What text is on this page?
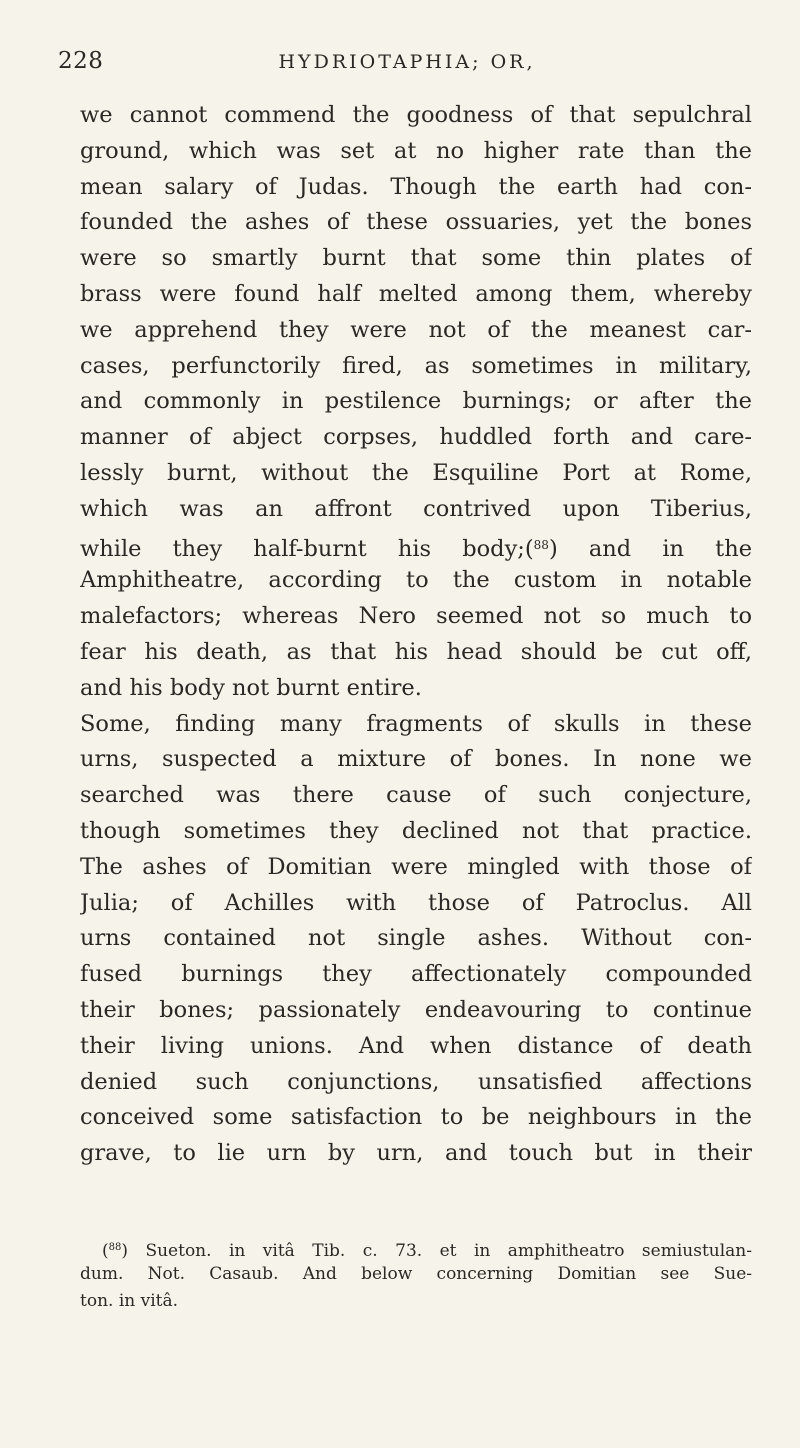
228	HYDRIOTAPHIA; OR,
we cannot commend the goodness of that sepulchral
ground, which was set at no higher rate than the
mean salary of Judas. Though the earth had con-
founded the ashes of these ossuaries, yet the bones
were so smartly burnt that some thin plates of
brass were found half melted among them, whereby
we apprehend they were not of the meanest car-
cases, perfunctorily fired, as sometimes in military,
and commonly in pestilence burnings; or after the
manner of abject corpses, huddled forth and care-
lessly burnt, without the Esquiline Port at Rome,
which was an affront contrived upon Tiberius,
while they half-burnt his body;($^{88}$) and in the
Amphitheatre, according to the custom in notable
malefactors; whereas Nero seemed not so much to
fear his death, as that his head should be cut off,
and his body not burnt entire.
Some, finding many fragments of skulls in these
urns, suspected a mixture of bones. In none we
searched was there cause of such conjecture,
though sometimes they declined not that practice.
The ashes of Domitian were mingled with those of
Julia; of Achilles with those of Patroclus. All
urns contained not single ashes. Without con-
fused burnings they affectionately compounded
their bones; passionately endeavouring to continue
their living unions. And when distance of death
denied such conjunctions, unsatisfied affections
conceived some satisfaction to be neighbours in the
grave, to lie urn by urn, and touch but in their
($^{88}$) Sueton. in vitâ Tib. c. 73. et in amphitheatro semiustulan-
dum. Not. Casaub. And below concerning Domitian see Sue-
ton. in vitâ.
